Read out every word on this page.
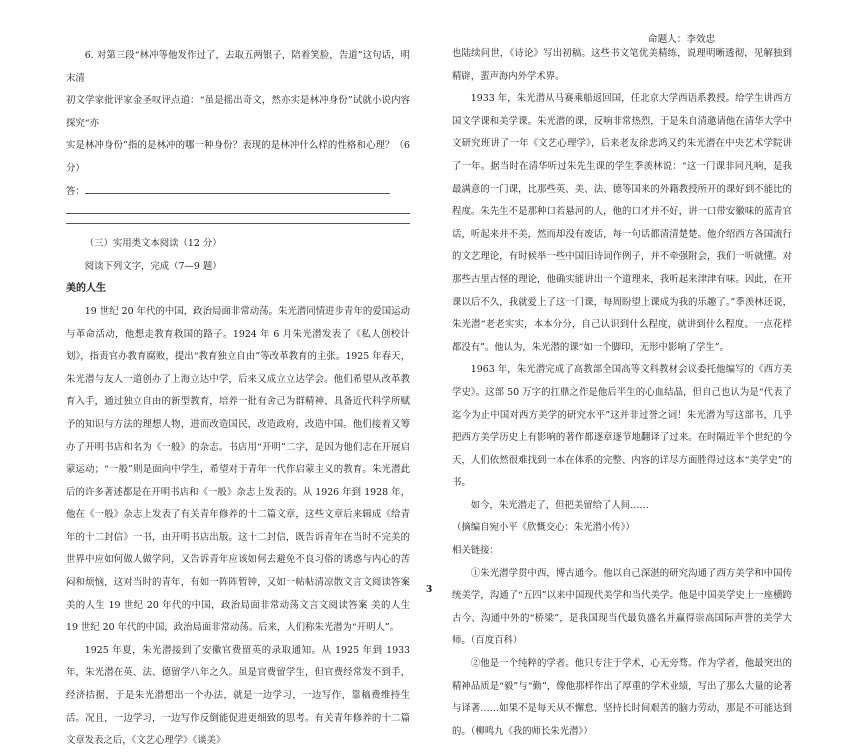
命题人：李效忠

6. 对第三段“林冲等他发作过了，去取五两银子，陪着笑脸，告道”这句话，明末清

初文学家批评家金圣叹评点道：“虽是摇出奇文，然亦实是林冲身份”试就小说内容探究“亦

实是林冲身份”指的是林冲的哪一种身份？表现的是林冲什么样的性格和心理？（6 分）

答：

（三）实用类文本阅读（12 分）

阅读下列文字，完成（7—9 题）

美的人生

19 世纪 20 年代的中国，政治局面非常动荡。朱光潜同情进步青年的爱国运动与革命活动，他想走教育救国的路子。1924 年 6 月朱光潜发表了《私人创校计划》，指责官办教育腐败，提出“教育独立自由”等改革教育的主张。1925 年春天，朱光潜与友人一道创办了上海立达中学，后来又成立立达学会。他们希望从改革教育入手，通过独立自由的新型教育，培养一批有舍己为群精神、具备近代科学所赋予的知识与方法的理想人物，进而改造国民，改造政府，改造中国。他们接着又筹办了开明书店和名为《一般》的杂志。书店用“开明”二字，是因为他们志在开展启蒙运动；“一般”则是面向中学生，希望对于青年一代作启蒙主义的教育。朱光潜此后的许多著述都是在开明书店和《一般》杂志上发表的。从 1926 年到 1928 年，他在《一般》杂志上发表了有关青年修养的十二篇文章，这些文章后来辑成《给青年的十二封信》一书，由开明书店出版。这十二封信，既告诉青年在当时不完美的世界中应如何做人做学问，又告诉青年应该如何去避免不良习俗的诱惑与内心的苦闷和烦恼，这对当时的青年，有如一阵阵暂钟，又如一帖帖清凉散文言文阅读答案 美的人生 19 世纪 20 年代的中国，政治局面非常动荡文言文阅读答案 美的人生 19 世纪 20 年代的中国，政治局面非常动荡。后来，人们称朱光潜为“开明人”。

1925 年夏，朱光潜接到了安徽官费留英的录取通知。从 1925 年到 1933 年，朱光潜在英、法、德留学八年之久。虽是官费留学生，但官费经常发不到手，经济拮据，于是朱光潜想出一个办法，就是一边学习，一边写作，靠稿费维持生活。况且，一边学习，一边写作反倒能促进更细致的思考。有关青年修养的十二篇文章发表之后，《文艺心理学》《谈美》

也陆续问世，《诗论》写出初稿。这些书文笔优美精练，说理明晰透彻，见解独到精辟，蜚声海内外学术界。

1933 年，朱光潜从马赛乘船返回国，任北京大学西语系教授。给学生讲西方国文学课和美学课。朱光潜的课，反响非常热烈，于是朱自清邀请他在清华大学中文研究班讲了一年《文艺心理学》，后来老友徐悲鸿又约朱光潜在中央艺术学院讲了一年。据当时在清华听过朱先生课的学生季羡林说：“这一门课非同凡响，是我最满意的一门课，比那些英、美、法、德等国来的外籍教授所开的课好到不能比的程度。朱先生不是那种口若悬河的人，他的口才并不好，讲一口带安徽味的蓝青官话，听起来并不美，然而却没有废话，每一句话都清清楚楚。他介绍西方各国流行的文艺理论，有时候举一些中国旧诗词作例子，并不牵强附会，我们一听就懂。对那些古里古怪的理论，他确实能讲出一个道理来，我听起来津津有味。因此，在开课以后不久，我就爱上了这一门课，每周盼望上课成为我的乐趣了。”季羡林还说，朱光潜“老老实实，本本分分，自己认识到什么程度，就讲到什么程度。一点花样都没有”。他认为，朱光潜的课“如一个脚印，无形中影响了学生”。

1963 年，朱光潜完成了高教部全国高等文科教材会议委托他编写的《西方美学史》。这部 50 万字的扛鼎之作是他后半生的心血结晶，但自己也认为是“代表了迄今为止中国对西方美学的研究水平”这并非过誉之词！朱光潜为写这部书，几乎把西方美学历史上有影响的著作都逐章逐节地翻译了过来。在时隔近半个世纪的今天，人们依然很难找到一本在体系的完整、内容的详尽方面胜得过这本“美学史”的书。

如今，朱光潜走了，但把美留给了人间……

（摘编自宛小平《欣慨交心：朱光潜小传》）

相关链接：

①朱光潜学贯中西，博古通今。他以自己深湛的研究沟通了西方美学和中国传统美学，沟通了“五四”以来中国现代美学和当代美学。他是中国美学史上一座横跨古今、沟通中外的“桥梁”，是我国现当代最负盛名并赢得崇高国际声誉的美学大师。（百度百科）

②他是一个纯粹的学者。他只专注于学术，心无旁骛。作为学者，他最突出的精神品质是“毅”与“勤”，像他那样作出了厚重的学术业绩，写出了那么大量的论著与译著……如果不是每天从不懈怠、坚持长时间艰苦的脑力劳动，那是不可能达到的。（柳鸣九《我的师长朱光潜》）

3
